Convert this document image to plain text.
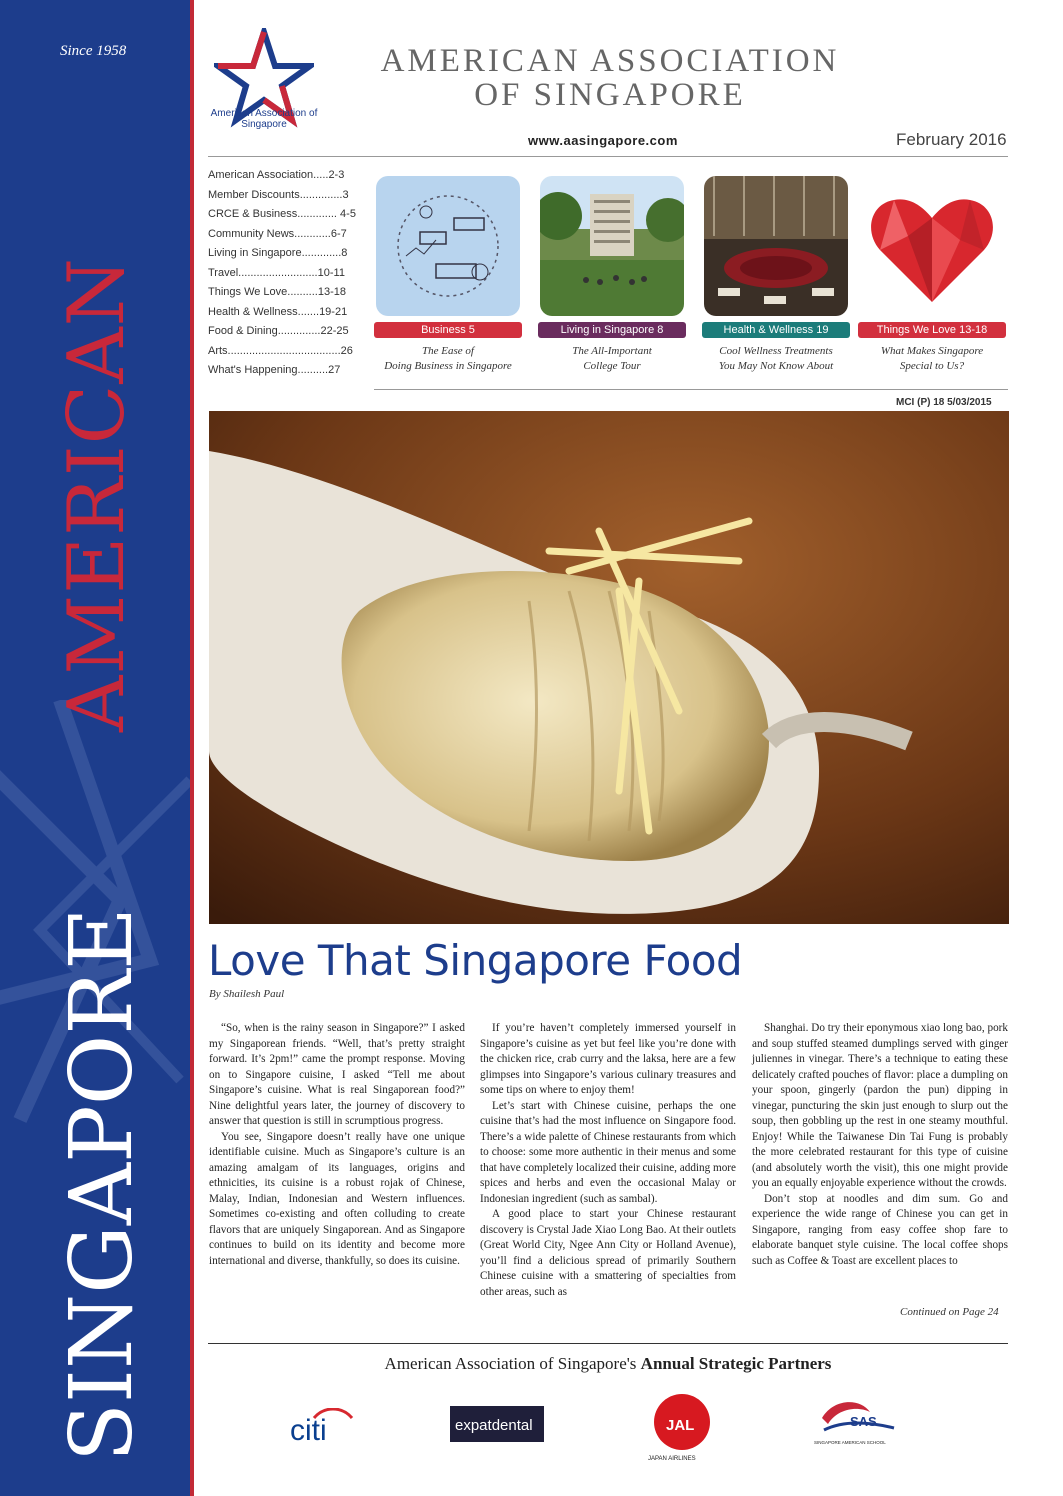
Since 1958
AMERICAN
SINGAPORE
American Association of Singapore
AMERICAN ASSOCIATION
OF SINGAPORE
www.aasingapore.com	February 2016
American Association.....2-3
Member Discounts..............3
CRCE & Business............. 4-5
Community News............6-7
Living in Singapore.............8
Travel..........................10-11
Things We Love..........13-18
Health & Wellness.......19-21
Food & Dining..............22-25
Arts.....................................26
What's Happening..........27
Business 5
The Ease of
Doing Business in Singapore
Living in Singapore 8
The All-Important
College Tour
Health & Wellness 19
Cool Wellness Treatments
You May Not Know About
Things We Love 13-18
What Makes Singapore
Special to Us?
MCI (P) 18 5/03/2015
Love That Singapore Food
By Shailesh Paul

“So, when is the rainy season in Singapore?” I asked my Singaporean friends. “Well, that’s pretty straight forward. It’s 2pm!” came the prompt response. Moving on to Singapore cuisine, I asked “Tell me about Singapore’s cuisine. What is real Singaporean food?” Nine delightful years later, the journey of discovery to answer that question is still in scrumptious progress.

You see, Singapore doesn’t really have one unique identifiable cuisine. Much as Singapore’s culture is an amazing amalgam of its languages, origins and ethnicities, its cuisine is a robust rojak of Chinese, Malay, Indian, Indonesian and Western influences. Sometimes co-existing and often colluding to create flavors that are uniquely Singaporean. And as Singapore continues to build on its identity and become more international and diverse, thankfully, so does its cuisine.

If you’re haven’t completely immersed yourself in Singapore’s cuisine as yet but feel like you’re done with the chicken rice, crab curry and the laksa, here are a few glimpses into Singapore’s various culinary treasures and some tips on where to enjoy them!

Let’s start with Chinese cuisine, perhaps the one cuisine that’s had the most influence on Singapore food. There’s a wide palette of Chinese restaurants from which to choose: some more authentic in their menus and some that have completely localized their cuisine, adding more spices and herbs and even the occasional Malay or Indonesian ingredient (such as sambal).

A good place to start your Chinese restaurant discovery is Crystal Jade Xiao Long Bao. At their outlets (Great World City, Ngee Ann City or Holland Avenue), you’ll find a delicious spread of primarily Southern Chinese cuisine with a smattering of specialties from other areas, such as

Shanghai. Do try their eponymous xiao long bao, pork and soup stuffed steamed dumplings served with ginger juliennes in vinegar. There’s a technique to eating these delicately crafted pouches of flavor: place a dumpling on your spoon, gingerly (pardon the pun) dipping in vinegar, puncturing the skin just enough to slurp out the soup, then gobbling up the rest in one steamy mouthful. Enjoy! While the Taiwanese Din Tai Fung is probably the more celebrated restaurant for this type of cuisine (and absolutely worth the visit), this one might provide you an equally enjoyable experience without the crowds.

Don’t stop at noodles and dim sum. Go and experience the wide range of Chinese you can get in Singapore, ranging from easy coffee shop fare to elaborate banquet style cuisine. The local coffee shops such as Coffee & Toast are excellent places to

Continued on Page 24
American Association of Singapore's Annual Strategic Partners
citi	expatdental	JAL
JAPAN AIRLINES
SAS
SINGAPORE AMERICAN SCHOOL
